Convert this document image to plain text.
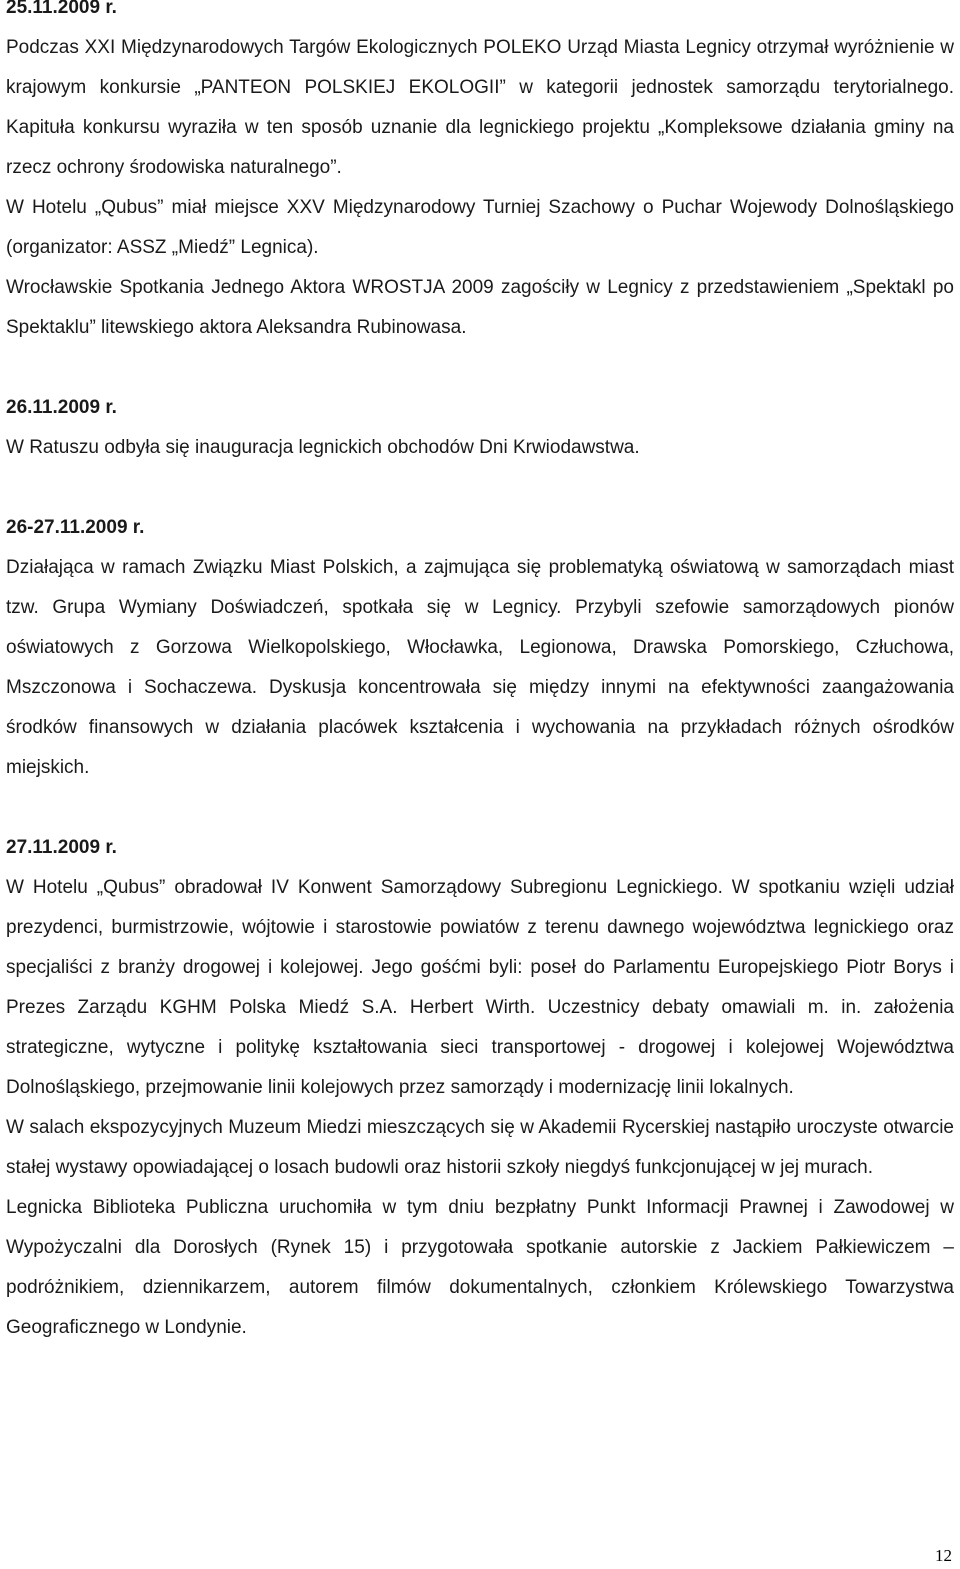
25.11.2009 r.

Podczas XXI Międzynarodowych Targów Ekologicznych POLEKO Urząd Miasta Legnicy otrzymał wyróżnienie w krajowym konkursie „PANTEON POLSKIEJ EKOLOGII” w kategorii jednostek samorządu terytorialnego. Kapituła konkursu wyraziła w ten sposób uznanie dla legnickiego projektu „Kompleksowe działania gminy na rzecz ochrony środowiska naturalnego”.

W Hotelu „Qubus” miał miejsce XXV Międzynarodowy Turniej Szachowy o Puchar Wojewody Dolnośląskiego (organizator: ASSZ „Miedź” Legnica).

Wrocławskie Spotkania Jednego Aktora WROSTJA 2009 zagościły w Legnicy z przedstawieniem „Spektakl po Spektaklu” litewskiego aktora Aleksandra Rubinowasa.

26.11.2009 r.

W Ratuszu odbyła się inauguracja legnickich obchodów Dni Krwiodawstwa.

26-27.11.2009 r.

Działająca w ramach Związku Miast Polskich, a zajmująca się problematyką oświatową w samorządach miast tzw. Grupa Wymiany Doświadczeń, spotkała się w Legnicy. Przybyli szefowie samorządowych pionów oświatowych z Gorzowa Wielkopolskiego, Włocławka, Legionowa, Drawska Pomorskiego, Człuchowa, Mszczonowa i Sochaczewa. Dyskusja koncentrowała się między innymi na efektywności zaangażowania środków finansowych w działania placówek kształcenia i wychowania na przykładach różnych ośrodków miejskich.

27.11.2009 r.

W Hotelu „Qubus” obradował IV Konwent Samorządowy Subregionu Legnickiego. W spotkaniu wzięli udział prezydenci, burmistrzowie, wójtowie i starostowie powiatów z terenu dawnego województwa legnickiego oraz specjaliści z branży drogowej i kolejowej. Jego gośćmi byli: poseł do Parlamentu Europejskiego Piotr Borys i Prezes Zarządu KGHM Polska Miedź S.A. Herbert Wirth. Uczestnicy debaty omawiali m. in. założenia strategiczne, wytyczne i politykę kształtowania sieci transportowej - drogowej i kolejowej Województwa Dolnośląskiego, przejmowanie linii kolejowych przez samorządy i modernizację linii lokalnych.

W salach ekspozycyjnych Muzeum Miedzi mieszczących się w Akademii Rycerskiej nastąpiło uroczyste otwarcie stałej wystawy opowiadającej o losach budowli oraz historii szkoły niegdyś funkcjonującej w jej murach.

Legnicka Biblioteka Publiczna uruchomiła w tym dniu bezpłatny Punkt Informacji Prawnej i Zawodowej w Wypożyczalni dla Dorosłych (Rynek 15) i przygotowała spotkanie autorskie z Jackiem Pałkiewiczem – podróżnikiem, dziennikarzem, autorem filmów dokumentalnych, członkiem Królewskiego Towarzystwa Geograficznego w Londynie.

12
